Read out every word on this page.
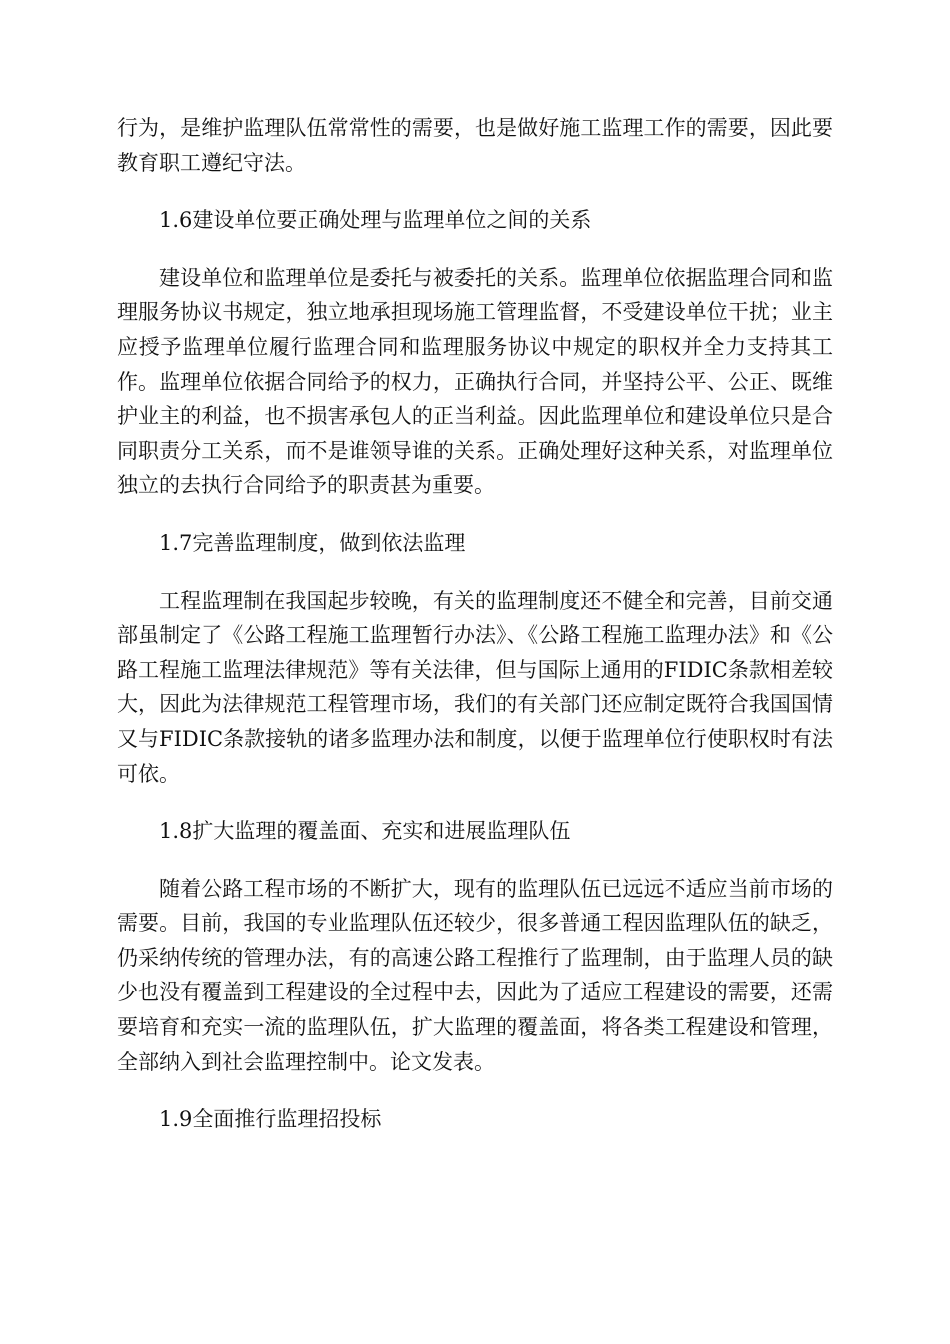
行为，是维护监理队伍常常性的需要，也是做好施工监理工作的需要，因此要教育职工遵纪守法。

1.6建设单位要正确处理与监理单位之间的关系

建设单位和监理单位是委托与被委托的关系。监理单位依据监理合同和监理服务协议书规定，独立地承担现场施工管理监督，不受建设单位干扰；业主应授予监理单位履行监理合同和监理服务协议中规定的职权并全力支持其工作。监理单位依据合同给予的权力，正确执行合同，并坚持公平、公正、既维护业主的利益，也不损害承包人的正当利益。因此监理单位和建设单位只是合同职责分工关系，而不是谁领导谁的关系。正确处理好这种关系，对监理单位独立的去执行合同给予的职责甚为重要。

1.7完善监理制度，做到依法监理

工程监理制在我国起步较晚，有关的监理制度还不健全和完善，目前交通部虽制定了《公路工程施工监理暂行办法》、《公路工程施工监理办法》和《公路工程施工监理法律规范》等有关法律，但与国际上通用的FIDIC条款相差较大，因此为法律规范工程管理市场，我们的有关部门还应制定既符合我国国情又与FIDIC条款接轨的诸多监理办法和制度，以便于监理单位行使职权时有法可依。

1.8扩大监理的覆盖面、充实和进展监理队伍

随着公路工程市场的不断扩大，现有的监理队伍已远远不适应当前市场的需要。目前，我国的专业监理队伍还较少，很多普通工程因监理队伍的缺乏，仍采纳传统的管理办法，有的高速公路工程推行了监理制，由于监理人员的缺少也没有覆盖到工程建设的全过程中去，因此为了适应工程建设的需要，还需要培育和充实一流的监理队伍，扩大监理的覆盖面，将各类工程建设和管理，全部纳入到社会监理控制中。论文发表。

1.9全面推行监理招投标
